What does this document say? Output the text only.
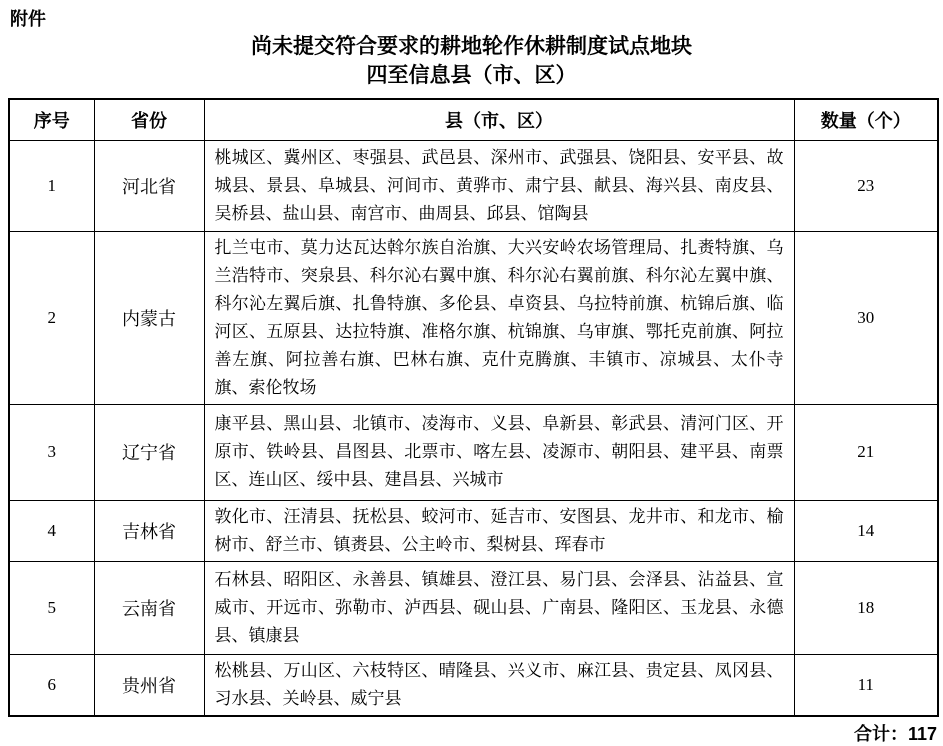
附件
尚未提交符合要求的耕地轮作休耕制度试点地块
四至信息县（市、区）
序号	省份	县（市、区）	数量（个）
1	河北省	桃城区、冀州区、枣强县、武邑县、深州市、武强县、饶阳县、安平县、故城县、景县、阜城县、河间市、黄骅市、肃宁县、献县、海兴县、南皮县、吴桥县、盐山县、南宫市、曲周县、邱县、馆陶县	23
2	内蒙古	扎兰屯市、莫力达瓦达斡尔族自治旗、大兴安岭农场管理局、扎赉特旗、乌兰浩特市、突泉县、科尔沁右翼中旗、科尔沁右翼前旗、科尔沁左翼中旗、科尔沁左翼后旗、扎鲁特旗、多伦县、卓资县、乌拉特前旗、杭锦后旗、临河区、五原县、达拉特旗、准格尔旗、杭锦旗、乌审旗、鄂托克前旗、阿拉善左旗、阿拉善右旗、巴林右旗、克什克腾旗、丰镇市、凉城县、太仆寺旗、索伦牧场	30
3	辽宁省	康平县、黑山县、北镇市、凌海市、义县、阜新县、彰武县、清河门区、开原市、铁岭县、昌图县、北票市、喀左县、凌源市、朝阳县、建平县、南票区、连山区、绥中县、建昌县、兴城市	21
4	吉林省	敦化市、汪清县、抚松县、蛟河市、延吉市、安图县、龙井市、和龙市、榆树市、舒兰市、镇赉县、公主岭市、梨树县、珲春市	14
5	云南省	石林县、昭阳区、永善县、镇雄县、澄江县、易门县、会泽县、沾益县、宣威市、开远市、弥勒市、泸西县、砚山县、广南县、隆阳区、玉龙县、永德县、镇康县	18
6	贵州省	松桃县、万山区、六枝特区、晴隆县、兴义市、麻江县、贵定县、凤冈县、习水县、关岭县、威宁县	11
合计：117
